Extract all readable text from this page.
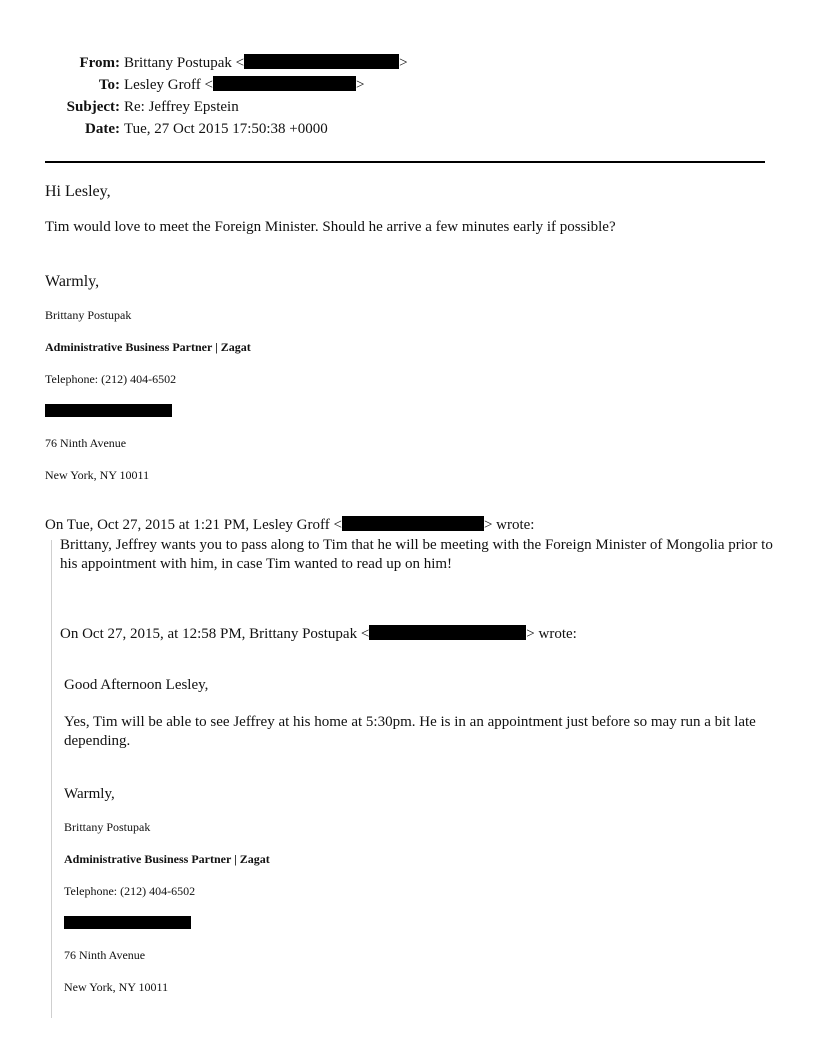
From: Brittany Postupak <	>
To: Lesley Groff <	>
Subject: Re: Jeffrey Epstein
Date: Tue, 27 Oct 2015 17:50:38 +0000
Hi Lesley,
Tim would love to meet the Foreign Minister. Should he arrive a few minutes early if possible?
Warmly,
Brittany Postupak
Administrative Business Partner | Zagat
Telephone: (212) 404-6502
76 Ninth Avenue
New York, NY 10011
On Tue, Oct 27, 2015 at 1:21 PM, Lesley Groff <	> wrote:
Brittany, Jeffrey wants you to pass along to Tim that he will be meeting with the Foreign Minister of Mongolia prior to his appointment with him, in case Tim wanted to read up on him!
On Oct 27, 2015, at 12:58 PM, Brittany Postupak <	> wrote:
Good Afternoon Lesley,
Yes, Tim will be able to see Jeffrey at his home at 5:30pm. He is in an appointment just before so may run a bit late depending.
Warmly,
Brittany Postupak
Administrative Business Partner | Zagat
Telephone: (212) 404-6502
76 Ninth Avenue
New York, NY 10011
